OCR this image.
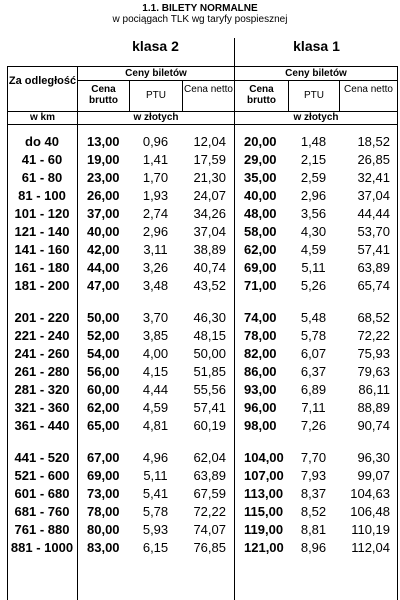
1.1. BILETY NORMALNE
w pociągach TLK wg taryfy pospiesznej
klasa 2	klasa 1
Za odległość
Ceny biletów	Ceny biletów
Cena brutto	PTU
Cena netto	Cena brutto	PTU
Cena netto
w km	w złotych	w złotych
do 40	13,00	0,96	12,04	20,00	1,48	18,52
41 - 60	19,00	1,41	17,59	29,00	2,15	26,85
61 - 80	23,00	1,70	21,30	35,00	2,59	32,41
81 - 100	26,00	1,93	24,07	40,00	2,96	37,04
101 - 120	37,00	2,74	34,26	48,00	3,56	44,44
121 - 140	40,00	2,96	37,04	58,00	4,30	53,70
141 - 160	42,00	3,11	38,89	62,00	4,59	57,41
161 - 180	44,00	3,26	40,74	69,00	5,11	63,89
181 - 200	47,00	3,48	43,52	71,00	5,26	65,74

201 - 220	50,00	3,70	46,30	74,00	5,48	68,52
221 - 240	52,00	3,85	48,15	78,00	5,78	72,22
241 - 260	54,00	4,00	50,00	82,00	6,07	75,93
261 - 280	56,00	4,15	51,85	86,00	6,37	79,63
281 - 320	60,00	4,44	55,56	93,00	6,89	86,11
321 - 360	62,00	4,59	57,41	96,00	7,11	88,89
361 - 440	65,00	4,81	60,19	98,00	7,26	90,74

441 - 520	67,00	4,96	62,04	104,00	7,70	96,30
521 - 600	69,00	5,11	63,89	107,00	7,93	99,07
601 - 680	73,00	5,41	67,59	113,00	8,37	104,63
681 - 760	78,00	5,78	72,22	115,00	8,52	106,48
761 - 880	80,00	5,93	74,07	119,00	8,81	110,19
881 - 1000	83,00	6,15	76,85	121,00	8,96	112,04
